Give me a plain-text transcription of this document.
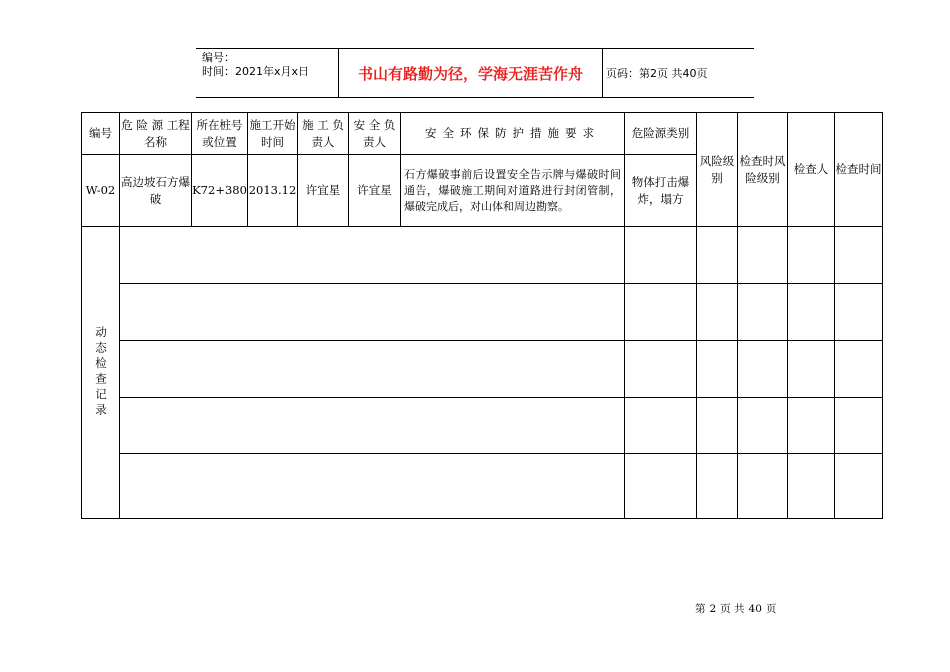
编号：
时间：2021年x月x日	书山有路勤为径，学海无涯苦作舟	页码：第2页 共40页
编号	危 险 源 工程名称	所在桩号或位置	施工开始时间	施 工 负责人	安 全 负责人	安全环保防护措施要求	危险源类别	风险级别	检查时风险级别	检查人	检查时间
W-02	高边坡石方爆破	K72+380	2013.12	许宜星	许宜星	石方爆破事前后设置安全告示牌与爆破时间通告，爆破施工期间对道路进行封闭管制，爆破完成后，对山体和周边勘察。	物体打击爆炸，塌方				

动态检查记录											

第 2 页 共 40 页
